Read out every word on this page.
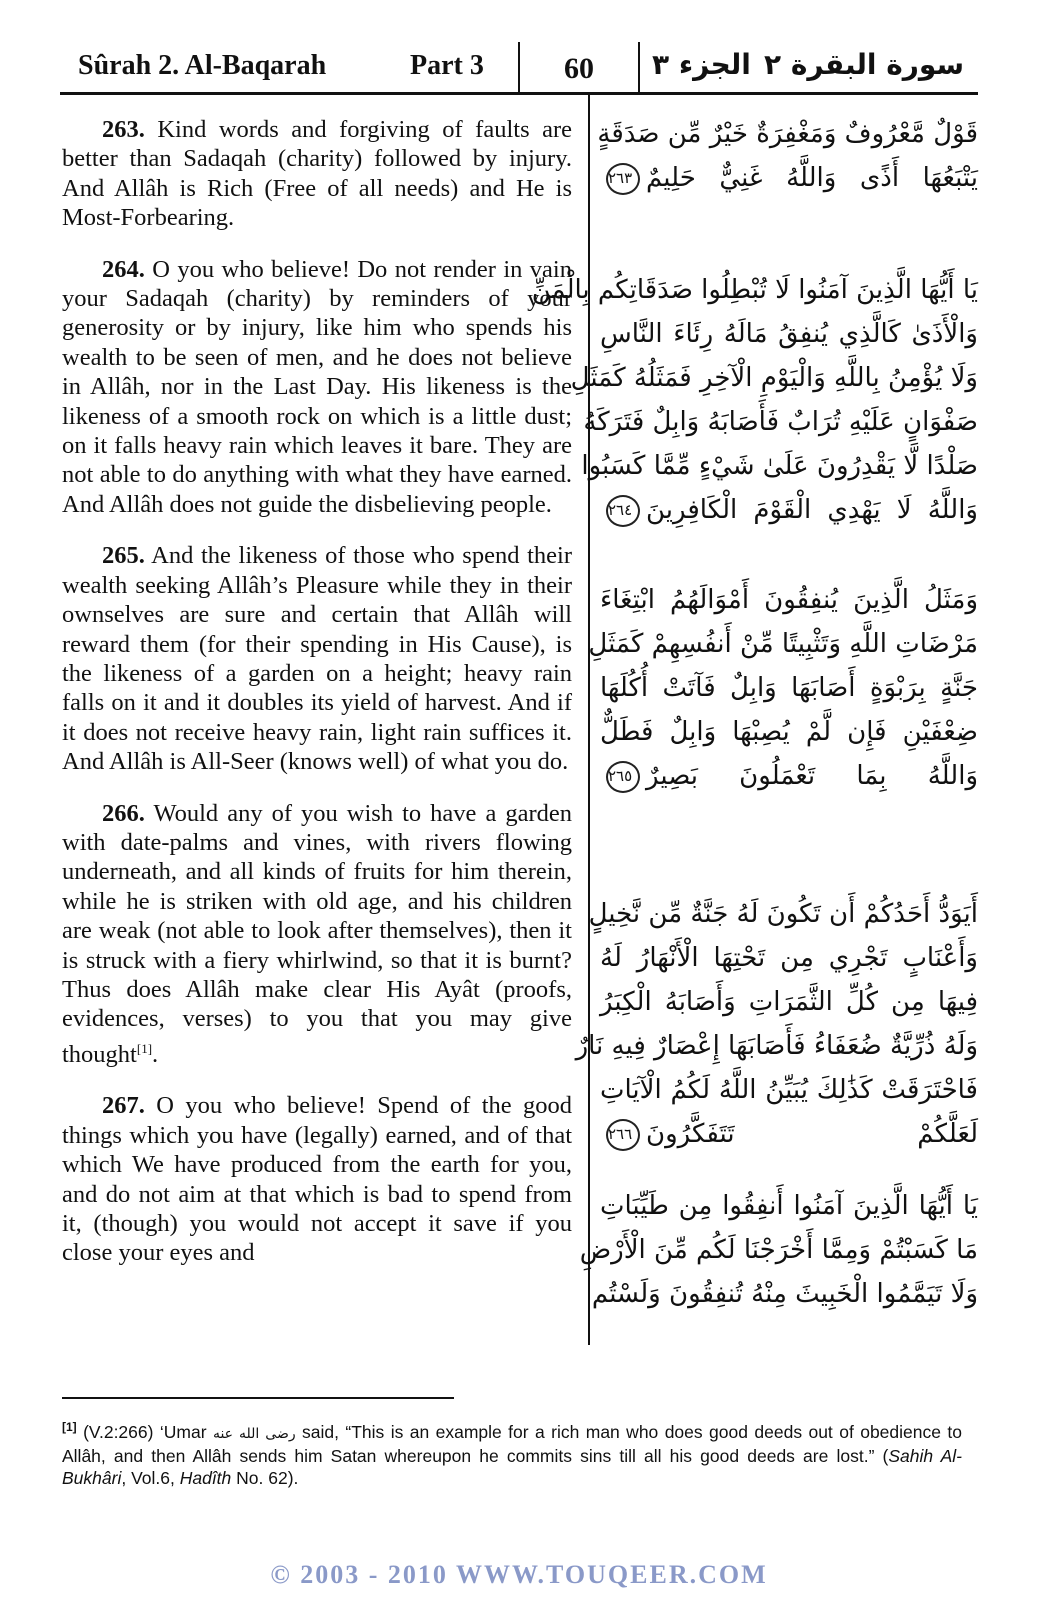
Sûrah 2. Al-Baqarah	Part 3	60	الجزء ٣ سورة البقرة ٢

263. Kind words and forgiving of faults are better than Sadaqah (charity) followed by injury. And Allâh is Rich (Free of all needs) and He is Most-Forbearing.

264. O you who believe! Do not render in vain your Sadaqah (charity) by reminders of your generosity or by injury, like him who spends his wealth to be seen of men, and he does not believe in Allâh, nor in the Last Day. His likeness is the likeness of a smooth rock on which is a little dust; on it falls heavy rain which leaves it bare. They are not able to do anything with what they have earned. And Allâh does not guide the disbelieving people.

265. And the likeness of those who spend their wealth seeking Allâh’s Pleasure while they in their ownselves are sure and certain that Allâh will reward them (for their spending in His Cause), is the likeness of a garden on a height; heavy rain falls on it and it doubles its yield of harvest. And if it does not receive heavy rain, light rain suffices it. And Allâh is All-Seer (knows well) of what you do.

266. Would any of you wish to have a garden with date-palms and vines, with rivers flowing underneath, and all kinds of fruits for him therein, while he is striken with old age, and his children are weak (not able to look after themselves), then it is struck with a fiery whirlwind, so that it is burnt? Thus does Allâh make clear His Ayât (proofs, evidences, verses) to you that you may give thought[1].

267. O you who believe! Spend of the good things which you have (legally) earned, and of that which We have produced from the earth for you, and do not aim at that which is bad to spend from it, (though) you would not accept it save if you close your eyes and

قَوْلٌ مَّعْرُوفٌ وَمَغْفِرَةٌ خَيْرٌ مِّن صَدَقَةٍ
يَتْبَعُهَا أَذًى وَاللَّهُ غَنِيٌّ حَلِيمٌ٢٦٣
يَا أَيُّهَا الَّذِينَ آمَنُوا لَا تُبْطِلُوا صَدَقَاتِكُم بِالْمَنِّ
وَالْأَذَىٰ كَالَّذِي يُنفِقُ مَالَهُ رِئَاءَ النَّاسِ
وَلَا يُؤْمِنُ بِاللَّهِ وَالْيَوْمِ الْآخِرِ فَمَثَلُهُ كَمَثَلِ
صَفْوَانٍ عَلَيْهِ تُرَابٌ فَأَصَابَهُ وَابِلٌ فَتَرَكَهُ
صَلْدًا لَّا يَقْدِرُونَ عَلَىٰ شَيْءٍ مِّمَّا كَسَبُوا
وَاللَّهُ لَا يَهْدِي الْقَوْمَ الْكَافِرِينَ٢٦٤
وَمَثَلُ الَّذِينَ يُنفِقُونَ أَمْوَالَهُمُ ابْتِغَاءَ
مَرْضَاتِ اللَّهِ وَتَثْبِيتًا مِّنْ أَنفُسِهِمْ كَمَثَلِ
جَنَّةٍ بِرَبْوَةٍ أَصَابَهَا وَابِلٌ فَآتَتْ أُكُلَهَا
ضِعْفَيْنِ فَإِن لَّمْ يُصِبْهَا وَابِلٌ فَطَلٌّ
وَاللَّهُ بِمَا تَعْمَلُونَ بَصِيرٌ٢٦٥
أَيَوَدُّ أَحَدُكُمْ أَن تَكُونَ لَهُ جَنَّةٌ مِّن نَّخِيلٍ
وَأَعْنَابٍ تَجْرِي مِن تَحْتِهَا الْأَنْهَارُ لَهُ
فِيهَا مِن كُلِّ الثَّمَرَاتِ وَأَصَابَهُ الْكِبَرُ
وَلَهُ ذُرِّيَّةٌ ضُعَفَاءُ فَأَصَابَهَا إِعْصَارٌ فِيهِ نَارٌ
فَاحْتَرَقَتْ كَذَٰلِكَ يُبَيِّنُ اللَّهُ لَكُمُ الْآيَاتِ
لَعَلَّكُمْ تَتَفَكَّرُونَ٢٦٦
يَا أَيُّهَا الَّذِينَ آمَنُوا أَنفِقُوا مِن طَيِّبَاتِ
مَا كَسَبْتُمْ وَمِمَّا أَخْرَجْنَا لَكُم مِّنَ الْأَرْضِ
وَلَا تَيَمَّمُوا الْخَبِيثَ مِنْهُ تُنفِقُونَ وَلَسْتُم
[1] (V.2:266) ‘Umar رضى الله عنه said, “This is an example for a rich man who does good deeds out of obedience to Allâh, and then Allâh sends him Satan whereupon he commits sins till all his good deeds are lost.” (Sahih Al-Bukhâri, Vol.6, Hadîth No. 62).
© 2003 - 2010 WWW.TOUQEER.COM
